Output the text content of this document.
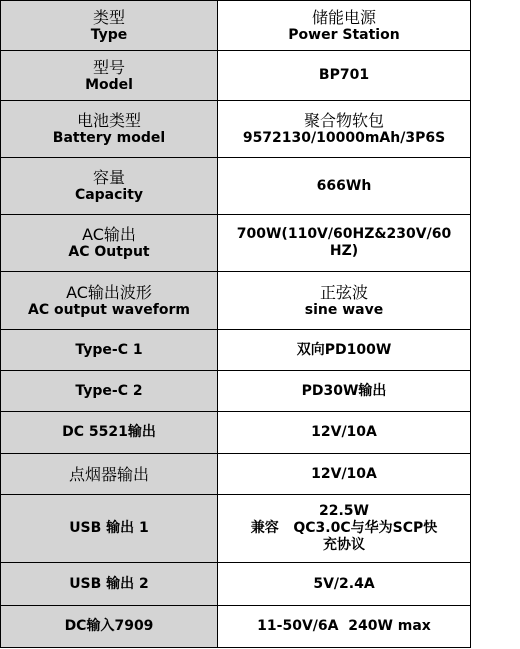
类型
Type	储能电源
Power Station

型号
Model	BP701

电池类型
Battery model	聚合物软包
9572130/10000mAh/3P6S

容量
Capacity	666Wh

AC输出
AC Output	700W(110V/60HZ&230V/60
HZ)

AC输出波形
AC output waveform	正弦波
sine wave

Type-C 1	双向PD100W

Type-C 2	PD30W输出

DC 5521输出	12V/10A

点烟器输出	12V/10A

USB 输出 1	22.5W
兼容   QC3.0C与华为SCP快
充协议

USB 输出 2	5V/2.4A

DC输入7909	11-50V/6A  240W max
